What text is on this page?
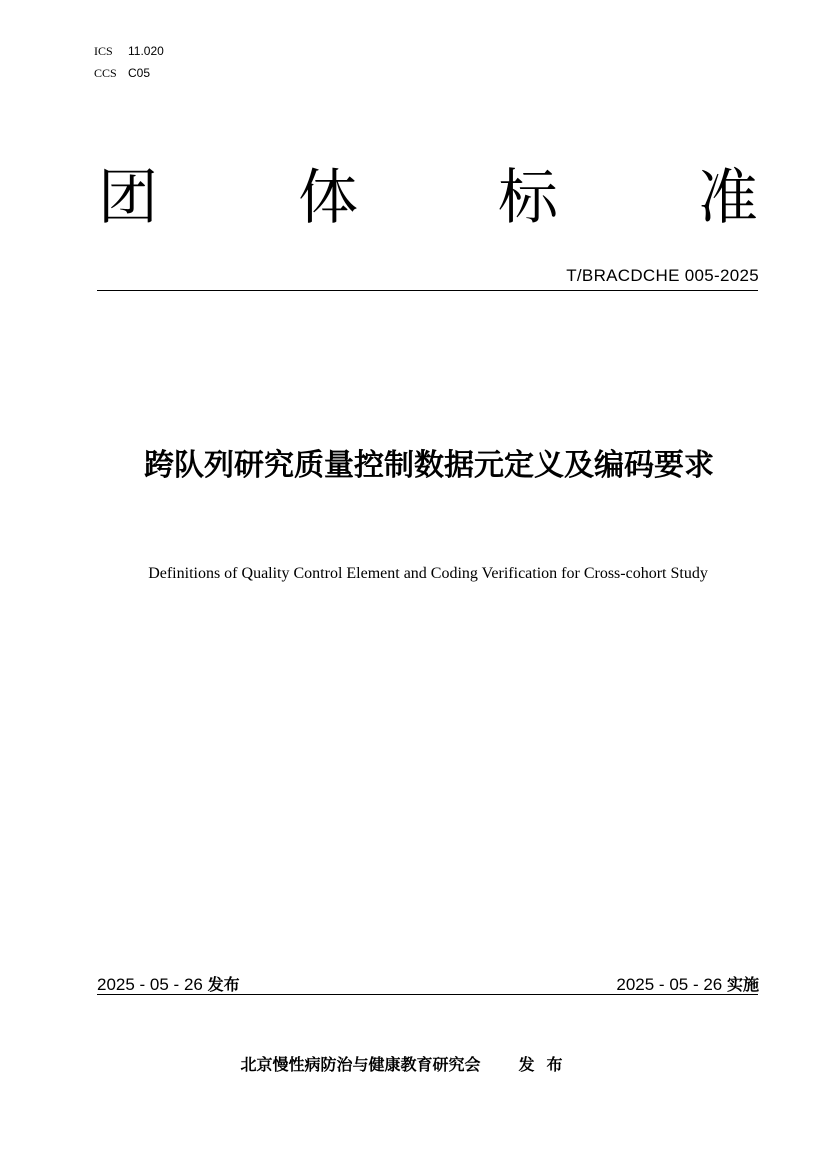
ICS 11.020
CCS C05
团 体 标 准
T/BRACDCHE 005-2025
跨队列研究质量控制数据元定义及编码要求
Definitions of Quality Control Element and Coding Verification for Cross-cohort Study
2025 - 05 - 26 发布	2025 - 05 - 26 实施
北京慢性病防治与健康教育研究会 发布
